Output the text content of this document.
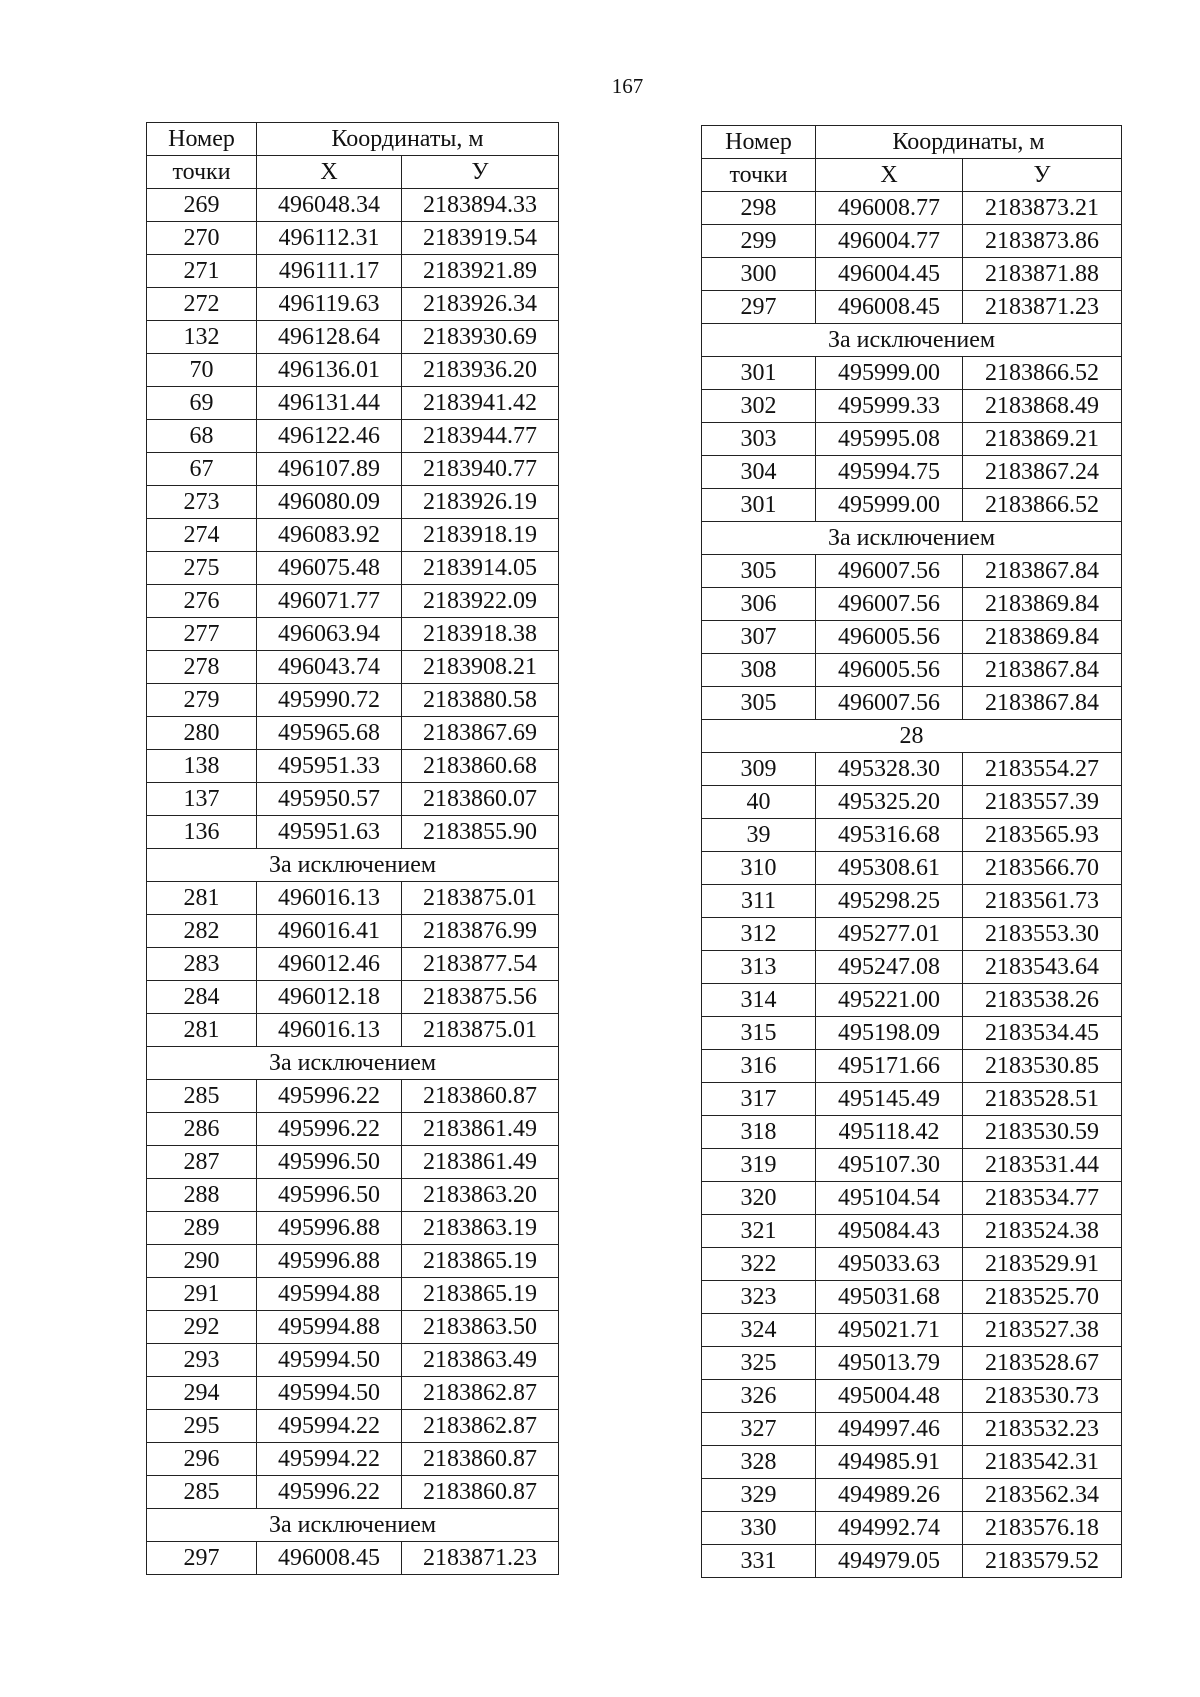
167
Номер	Координаты, м	
точки	X	У
269	496048.34	2183894.33
270	496112.31	2183919.54
271	496111.17	2183921.89
272	496119.63	2183926.34
132	496128.64	2183930.69
70	496136.01	2183936.20
69	496131.44	2183941.42
68	496122.46	2183944.77
67	496107.89	2183940.77
273	496080.09	2183926.19
274	496083.92	2183918.19
275	496075.48	2183914.05
276	496071.77	2183922.09
277	496063.94	2183918.38
278	496043.74	2183908.21
279	495990.72	2183880.58
280	495965.68	2183867.69
138	495951.33	2183860.68
137	495950.57	2183860.07
136	495951.63	2183855.90
За исключением		
281	496016.13	2183875.01
282	496016.41	2183876.99
283	496012.46	2183877.54
284	496012.18	2183875.56
281	496016.13	2183875.01
За исключением		
285	495996.22	2183860.87
286	495996.22	2183861.49
287	495996.50	2183861.49
288	495996.50	2183863.20
289	495996.88	2183863.19
290	495996.88	2183865.19
291	495994.88	2183865.19
292	495994.88	2183863.50
293	495994.50	2183863.49
294	495994.50	2183862.87
295	495994.22	2183862.87
296	495994.22	2183860.87
285	495996.22	2183860.87
За исключением		
297	496008.45	2183871.23
Номер	Координаты, м	
точки	X	У
298	496008.77	2183873.21
299	496004.77	2183873.86
300	496004.45	2183871.88
297	496008.45	2183871.23
За исключением		
301	495999.00	2183866.52
302	495999.33	2183868.49
303	495995.08	2183869.21
304	495994.75	2183867.24
301	495999.00	2183866.52
За исключением		
305	496007.56	2183867.84
306	496007.56	2183869.84
307	496005.56	2183869.84
308	496005.56	2183867.84
305	496007.56	2183867.84
28		
309	495328.30	2183554.27
40	495325.20	2183557.39
39	495316.68	2183565.93
310	495308.61	2183566.70
311	495298.25	2183561.73
312	495277.01	2183553.30
313	495247.08	2183543.64
314	495221.00	2183538.26
315	495198.09	2183534.45
316	495171.66	2183530.85
317	495145.49	2183528.51
318	495118.42	2183530.59
319	495107.30	2183531.44
320	495104.54	2183534.77
321	495084.43	2183524.38
322	495033.63	2183529.91
323	495031.68	2183525.70
324	495021.71	2183527.38
325	495013.79	2183528.67
326	495004.48	2183530.73
327	494997.46	2183532.23
328	494985.91	2183542.31
329	494989.26	2183562.34
330	494992.74	2183576.18
331	494979.05	2183579.52
